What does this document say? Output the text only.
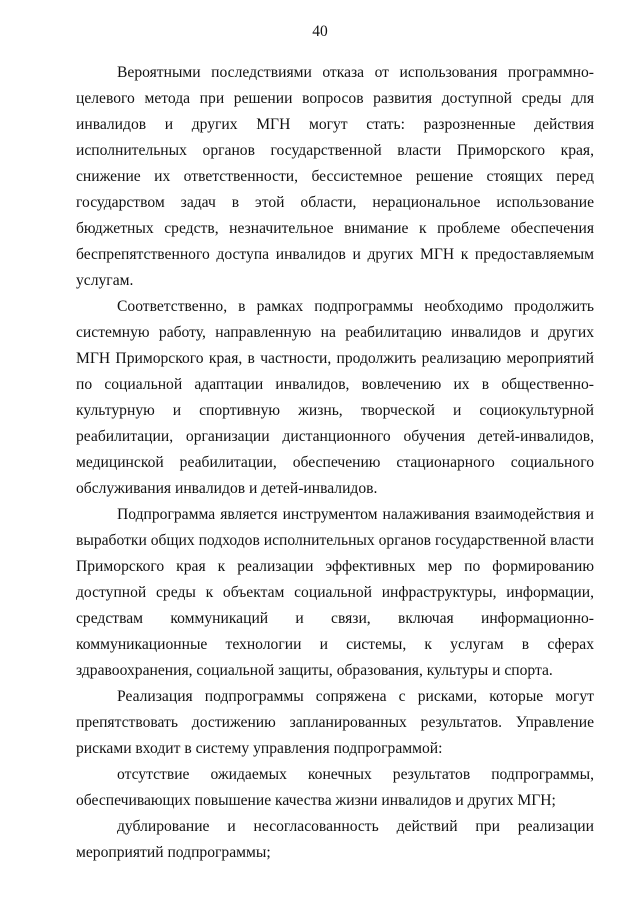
40

Вероятными последствиями отказа от использования программно-целевого метода при решении вопросов развития доступной среды для инвалидов и других МГН могут стать: разрозненные действия исполнительных органов государственной власти Приморского края, снижение их ответственности, бессистемное решение стоящих перед государством задач в этой области, нерациональное использование бюджетных средств, незначительное внимание к проблеме обеспечения беспрепятственного доступа инвалидов и других МГН к предоставляемым услугам.

Соответственно, в рамках подпрограммы необходимо продолжить системную работу, направленную на реабилитацию инвалидов и других МГН Приморского края, в частности, продолжить реализацию мероприятий по социальной адаптации инвалидов, вовлечению их в общественно-культурную и спортивную жизнь, творческой и социокультурной реабилитации, организации дистанционного обучения детей-инвалидов, медицинской реабилитации, обеспечению стационарного социального обслуживания инвалидов и детей-инвалидов.

Подпрограмма является инструментом налаживания взаимодействия и выработки общих подходов исполнительных органов государственной власти Приморского края к реализации эффективных мер по формированию доступной среды к объектам социальной инфраструктуры, информации, средствам коммуникаций и связи, включая информационно-коммуникационные технологии и системы, к услугам в сферах здравоохранения, социальной защиты, образования, культуры и спорта.

Реализация подпрограммы сопряжена с рисками, которые могут препятствовать достижению запланированных результатов. Управление рисками входит в систему управления подпрограммой:

отсутствие ожидаемых конечных результатов подпрограммы, обеспечивающих повышение качества жизни инвалидов и других МГН;

дублирование и несогласованность действий при реализации мероприятий подпрограммы;
